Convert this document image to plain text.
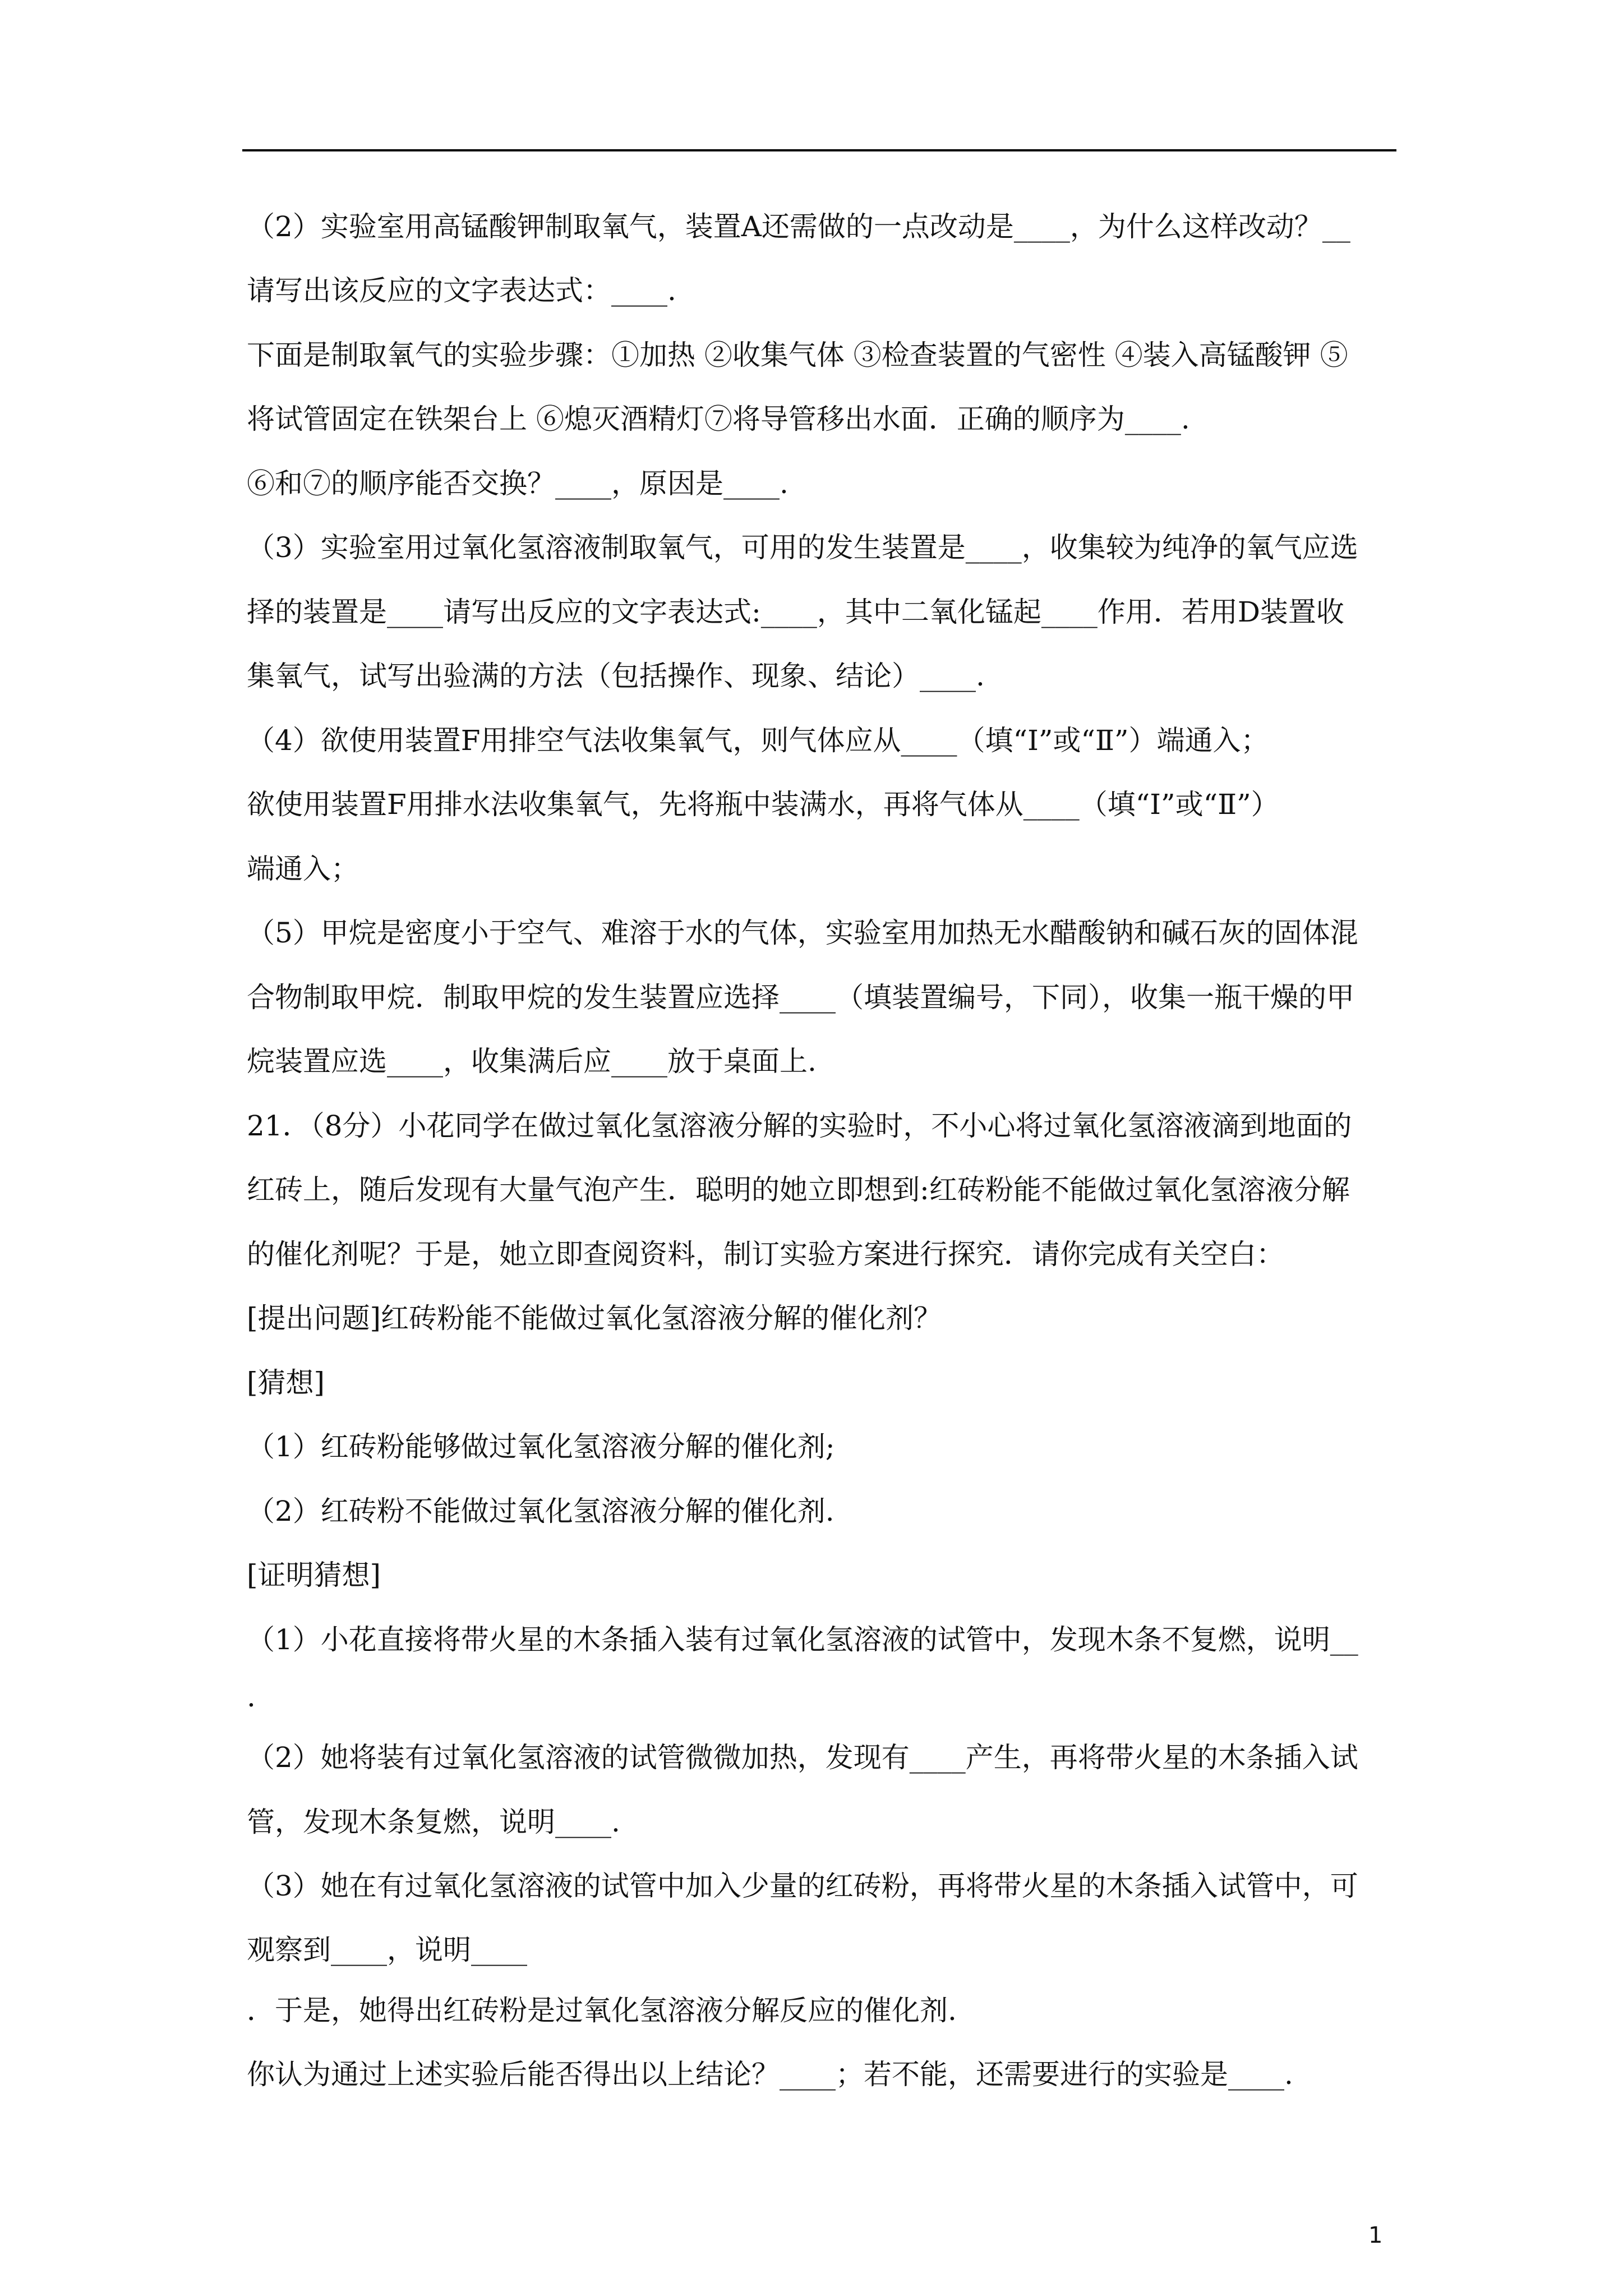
（2）实验室用高锰酸钾制取氧气，装置A还需做的一点改动是____，为什么这样改动？__
请写出该反应的文字表达式：____.
下面是制取氧气的实验步骤：①加热 ②收集气体 ③检查装置的气密性 ④装入高锰酸钾 ⑤
将试管固定在铁架台上 ⑥熄灭酒精灯⑦将导管移出水面．正确的顺序为____.
⑥和⑦的顺序能否交换？____，原因是____.
（3）实验室用过氧化氢溶液制取氧气，可用的发生装置是____，收集较为纯净的氧气应选
择的装置是____请写出反应的文字表达式:____，其中二氧化锰起____作用．若用D装置收
集氧气，试写出验满的方法（包括操作、现象、结论）____.
（4）欲使用装置F用排空气法收集氧气，则气体应从____（填“Ⅰ”或“Ⅱ”）端通入；
欲使用装置F用排水法收集氧气，先将瓶中装满水，再将气体从____（填“Ⅰ”或“Ⅱ”）
端通入；
（5）甲烷是密度小于空气、难溶于水的气体，实验室用加热无水醋酸钠和碱石灰的固体混
合物制取甲烷．制取甲烷的发生装置应选择____（填装置编号，下同），收集一瓶干燥的甲
烷装置应选____，收集满后应____放于桌面上.
21．（8分）小花同学在做过氧化氢溶液分解的实验时，不小心将过氧化氢溶液滴到地面的
红砖上，随后发现有大量气泡产生．聪明的她立即想到:红砖粉能不能做过氧化氢溶液分解
的催化剂呢？于是，她立即查阅资料，制订实验方案进行探究．请你完成有关空白：
[提出问题]红砖粉能不能做过氧化氢溶液分解的催化剂？
[猜想]
（1）红砖粉能够做过氧化氢溶液分解的催化剂;
（2）红砖粉不能做过氧化氢溶液分解的催化剂.
[证明猜想]
（1）小花直接将带火星的木条插入装有过氧化氢溶液的试管中，发现木条不复燃，说明__
.
（2）她将装有过氧化氢溶液的试管微微加热，发现有____产生，再将带火星的木条插入试
管，发现木条复燃，说明____.
（3）她在有过氧化氢溶液的试管中加入少量的红砖粉，再将带火星的木条插入试管中，可
观察到____，说明____
．于是，她得出红砖粉是过氧化氢溶液分解反应的催化剂.
你认为通过上述实验后能否得出以上结论？____；若不能，还需要进行的实验是____.
1
